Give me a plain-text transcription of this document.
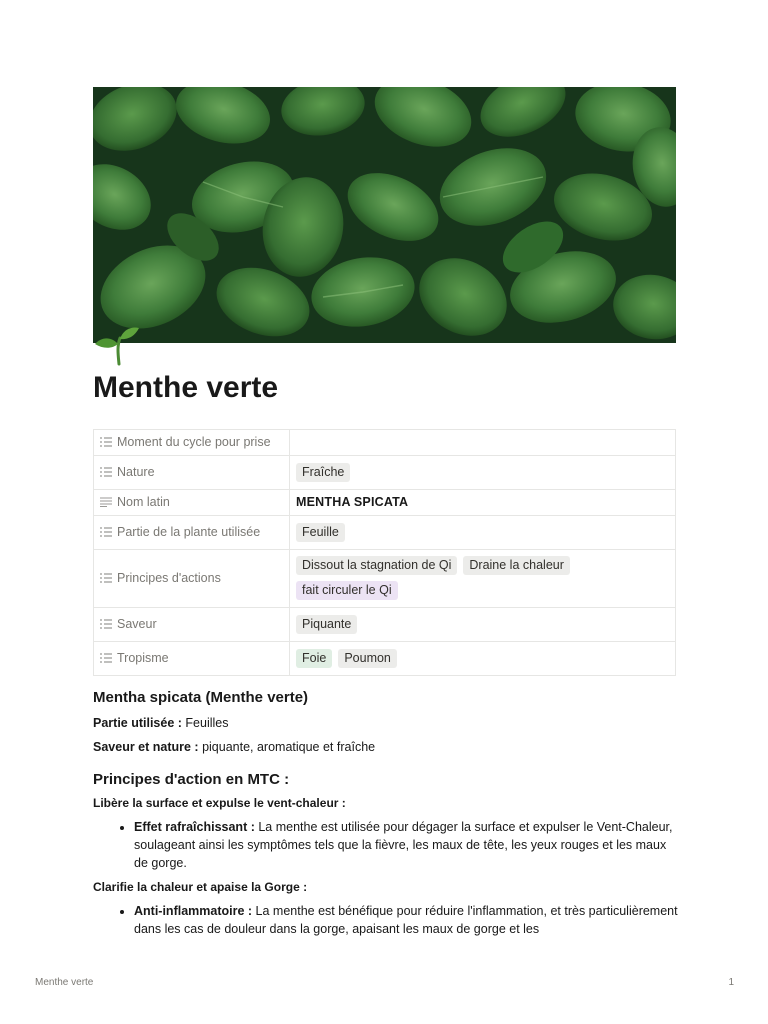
Menthe verte
Moment du cycle pour prise	

Nature	Fraîche

Nom latin	MENTHA SPICATA

Partie de la plante utilisée	Feuille

Principes d'actions	Dissout la stagnation de Qi Draine la chaleur
fait circuler le Qi

Saveur	Piquante

Tropisme	Foie Poumon
Mentha spicata (Menthe verte)

Partie utilisée : Feuilles

Saveur et nature : piquante, aromatique et fraîche

Principes d'action en MTC :

Libère la surface et expulse le vent-chaleur :

• Effet rafraîchissant : La menthe est utilisée pour dégager la surface et expulser le Vent-Chaleur, soulageant ainsi les symptômes tels que la fièvre, les maux de tête, les yeux rouges et les maux de gorge.

Clarifie la chaleur et apaise la Gorge :

• Anti-inflammatoire : La menthe est bénéfique pour réduire l'inflammation, et très particulièrement dans les cas de douleur dans la gorge, apaisant les maux de gorge et les
Menthe verte	1
